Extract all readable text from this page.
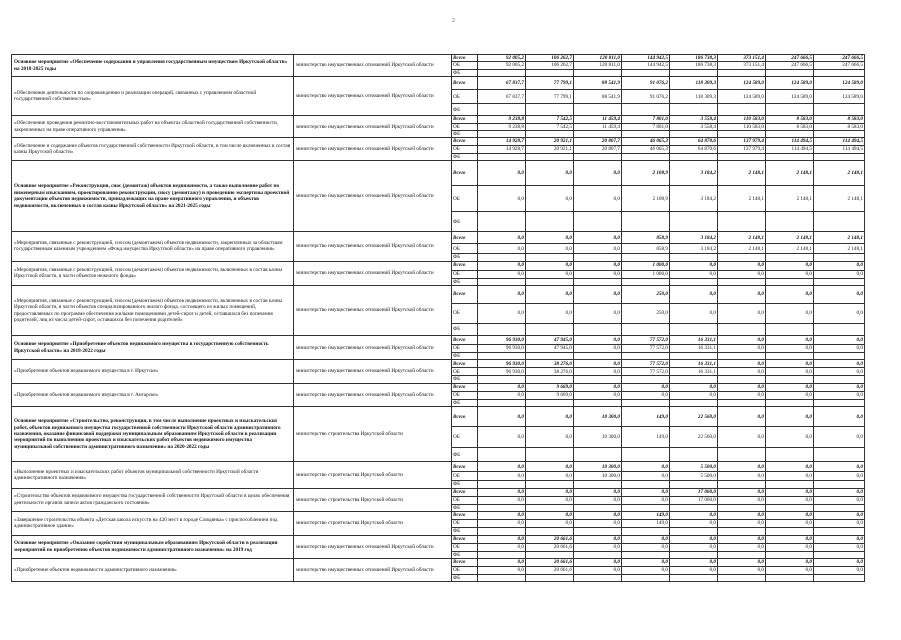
2
Основное мероприятие «Обеспечение содержания и управления государственным имуществом Иркутской области» на 2018-2025 годы	министерство имущественных отношений Иркутской области	Всего	92 005,2	106 262,7	120 811,0	144 942,5	186 738,3	373 151,4	247 666,5	247 666,5
		ОБ	92 005,2	106 262,7	120 811,0	144 942,5	186 738,3	373 151,4	247 666,5	247 666,5
		ФБ								
«Обеспечение деятельности по сопровождению и реализации операций, связанных с управлением областной государственной собственностью»	министерство имущественных отношений Иркутской области	Всего	67 837,7	77 799,1	88 541,9	91 076,2	118 309,3	124 589,0	124 589,0	124 589,0
		ОБ	67 837,7	77 799,1	88 541,9	91 076,2	118 309,3	124 589,0	124 589,0	124 589,0
		ФБ								
«Обеспечение проведения ремонтно-восстановительных работ на объектах областной государственной собственности, закрепленных на праве оперативного управления»	министерство имущественных отношений Иркутской области	Всего	9 238,8	7 542,5	11 459,4	7 801,0	3 558,4	110 583,0	8 583,0	8 583,0
		ОБ	9 238,8	7 542,5	11 459,4	7 801,0	3 558,4	110 583,0	8 583,0	8 583,0
		ФБ								
«Обеспечение и содержание объектов государственной собственности Иркутской области, в том числе включенных в состав казны Иркутской области»	министерство имущественных отношений Иркутской области	Всего	14 928,7	20 921,1	20 807,7	46 065,3	64 870,6	137 979,4	114 494,5	114 494,5
		ОБ	14 928,7	20 921,1	20 807,7	46 065,3	64 870,6	137 979,4	114 494,5	114 494,5
		ФБ								
Основное мероприятие «Реконструкция, снос (демонтаж) объектов недвижимости, а также выполнение работ по инженерным изысканиям, проектированию реконструкции, сносу (демонтажу) и проведению экспертизы проектной документации объектов недвижимости, принадлежащих на праве оперативного управления, и объектов недвижимости, включенных в состав казны Иркутской области» на 2021-2025 годы	министерство имущественных отношений Иркутской области	Всего	0,0	0,0	0,0	2 108,9	3 184,2	2 148,1	2 148,1	2 148,1
		ОБ	0,0	0,0	0,0	2 108,9	3 184,2	2 148,1	2 148,1	2 148,1
		ФБ								
«Мероприятия, связанные с реконструкцией, сносом (демонтажем) объектов недвижимости, закрепленных за областным государственным казенным учреждением «Фонд имущества Иркутской области» на праве оперативного управления»	министерство имущественных отношений Иркутской области	Всего	0,0	0,0	0,0	858,9	3 184,2	2 148,1	2 148,1	2 148,1
		ОБ	0,0	0,0	0,0	858,9	3 184,2	2 148,1	2 148,1	2 148,1
		ФБ								
«Мероприятия, связанные с реконструкцией, сносом (демонтажем) объектов недвижимости, включенных в состав казны Иркутской области, в части объектов нежилого фонда»	министерство имущественных отношений Иркутской области	Всего	0,0	0,0	0,0	1 000,0	0,0	0,0	0,0	0,0
		ОБ	0,0	0,0	0,0	1 000,0	0,0	0,0	0,0	0,0
		ФБ								
«Мероприятия, связанные с реконструкцией, сносом (демонтажем) объектов недвижимости, включенных в состав казны Иркутской области, в части объектов специализированного жилого фонда, состоящего из жилых помещений, предоставляемых по программе обеспечения жилыми помещениями детей-сирот и детей, оставшихся без попечения родителей, лиц из числа детей-сирот, оставшихся без попечения родителей»	министерство имущественных отношений Иркутской области	Всего	0,0	0,0	0,0	250,0	0,0	0,0	0,0	0,0
		ОБ	0,0	0,0	0,0	250,0	0,0	0,0	0,0	0,0
		ФБ								
Основное мероприятие «Приобретение объектов недвижимого имущества в государственную собственность Иркутской области» на 2018-2022 годы	министерство имущественных отношений Иркутской области	Всего	96 930,0	47 945,0	0,0	77 572,0	16 331,1	0,0	0,0	0,0
		ОБ	96 930,0	47 945,0	0,0	77 572,0	16 331,1	0,0	0,0	0,0
		ФБ								
«Приобретение объектов недвижимого имущества в г. Иркутске»	министерство имущественных отношений Иркутской области	Всего	96 930,0	38 276,0	0,0	77 572,0	16 331,1	0,0	0,0	0,0
		ОБ	96 930,0	38 276,0	0,0	77 572,0	16 331,1	0,0	0,0	0,0
		ФБ								
«Приобретение объектов недвижимого имущества в г. Ангарске»	министерство имущественных отношений Иркутской области	Всего	0,0	9 669,0	0,0	0,0	0,0	0,0	0,0	0,0
		ОБ	0,0	9 669,0	0,0	0,0	0,0	0,0	0,0	0,0
		ФБ								
Основное мероприятие «Строительство, реконструкция, в том числе выполнение проектных и изыскательских работ, объектов недвижимого имущества государственной собственности Иркутской области административного назначения, оказание финансовой поддержки муниципальным образованиям Иркутской области в реализации мероприятий по выполнению проектных и изыскательских работ объектов недвижимого имущества муниципальной собственности административного назначения» на 2020-2022 годы	министерство строительства Иркутской области	Всего	0,0	0,0	10 300,0	149,0	22 560,0	0,0	0,0	0,0
		ОБ	0,0	0,0	10 300,0	149,0	22 560,0	0,0	0,0	0,0
		ФБ								
«Выполнение проектных и изыскательских работ объектов муниципальной собственности Иркутской области административного назначения»	министерство строительства Иркутской области	Всего	0,0	0,0	10 300,0	0,0	5 500,0	0,0	0,0	0,0
		ОБ	0,0	0,0	10 300,0	0,0	5 500,0	0,0	0,0	0,0
		ФБ								
«Строительство объектов недвижимого имущества государственной собственности Иркутской области в целях обеспечения деятельности органов записи актов гражданского состояния»	министерство строительства Иркутской области	Всего	0,0	0,0	0,0	0,0	17 060,0	0,0	0,0	0,0
		ОБ	0,0	0,0	0,0	0,0	17 060,0	0,0	0,0	0,0
		ФБ								
«Завершение строительства объекта «Детская школа искусств на 420 мест в городе Слюдянка» с приспособлением под административное здание»	министерство строительства Иркутской области	Всего	0,0	0,0	0,0	149,0	0,0	0,0	0,0	0,0
		ОБ	0,0	0,0	0,0	149,0	0,0	0,0	0,0	0,0
		ФБ								
Основное мероприятие «Оказание содействия муниципальным образованиям Иркутской области в реализации мероприятий по приобретению объектов недвижимости административного назначения» на 2019 год	министерство имущественных отношений Иркутской области	Всего	0,0	20 661,6	0,0	0,0	0,0	0,0	0,0	0,0
		ОБ	0,0	20 661,6	0,0	0,0	0,0	0,0	0,0	0,0
		ФБ								
«Приобретение объектов недвижимости административного назначения»	министерство имущественных отношений Иркутской области	Всего	0,0	20 661,6	0,0	0,0	0,0	0,0	0,0	0,0
		ОБ	0,0	20 661,6	0,0	0,0	0,0	0,0	0,0	0,0
		ФБ								
